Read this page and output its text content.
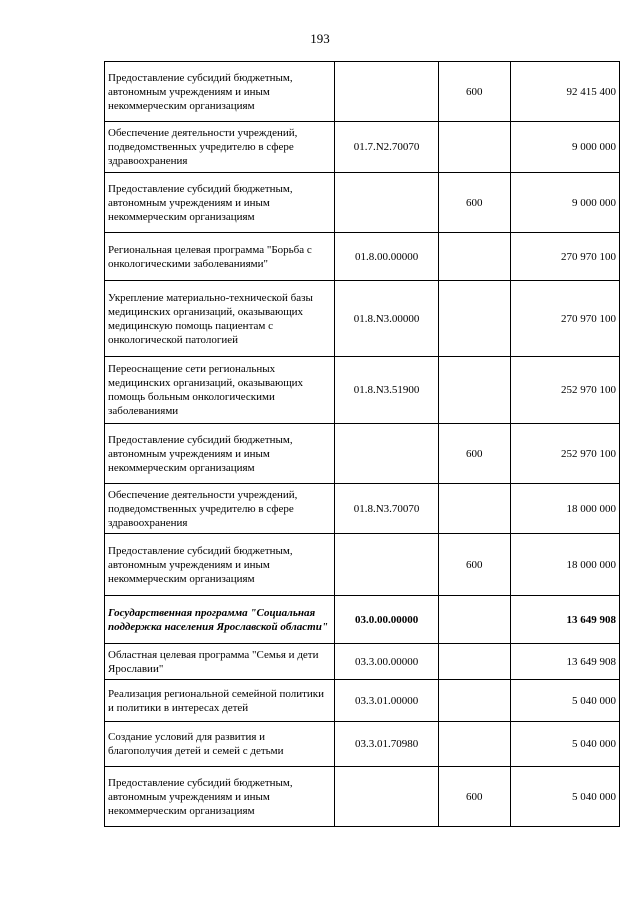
193
Предоставление субсидий бюджетным, автономным учреждениям и иным некоммерческим организациям		600	92 415 400
Обеспечение деятельности учреждений, подведомственных учредителю в сфере здравоохранения	01.7.N2.70070		9 000 000
Предоставление субсидий бюджетным, автономным учреждениям и иным некоммерческим организациям		600	9 000 000
Региональная целевая программа "Борьба с онкологическими заболеваниями"	01.8.00.00000		270 970 100
Укрепление материально-технической базы медицинских организаций, оказывающих медицинскую помощь пациентам с онкологической патологией	01.8.N3.00000		270 970 100
Переоснащение сети региональных медицинских организаций, оказывающих помощь больным онкологическими заболеваниями	01.8.N3.51900		252 970 100
Предоставление субсидий бюджетным, автономным учреждениям и иным некоммерческим организациям		600	252 970 100
Обеспечение деятельности учреждений, подведомственных учредителю в сфере здравоохранения	01.8.N3.70070		18 000 000
Предоставление субсидий бюджетным, автономным учреждениям и иным некоммерческим организациям		600	18 000 000
Государственная программа "Социальная поддержка населения Ярославской области"	03.0.00.00000		13 649 908
Областная целевая программа "Семья и дети Ярославии"	03.3.00.00000		13 649 908
Реализация региональной семейной политики и политики в интересах детей	03.3.01.00000		5 040 000
Создание условий для развития и благополучия детей и семей с детьми	03.3.01.70980		5 040 000
Предоставление субсидий бюджетным, автономным учреждениям и иным некоммерческим организациям		600	5 040 000
